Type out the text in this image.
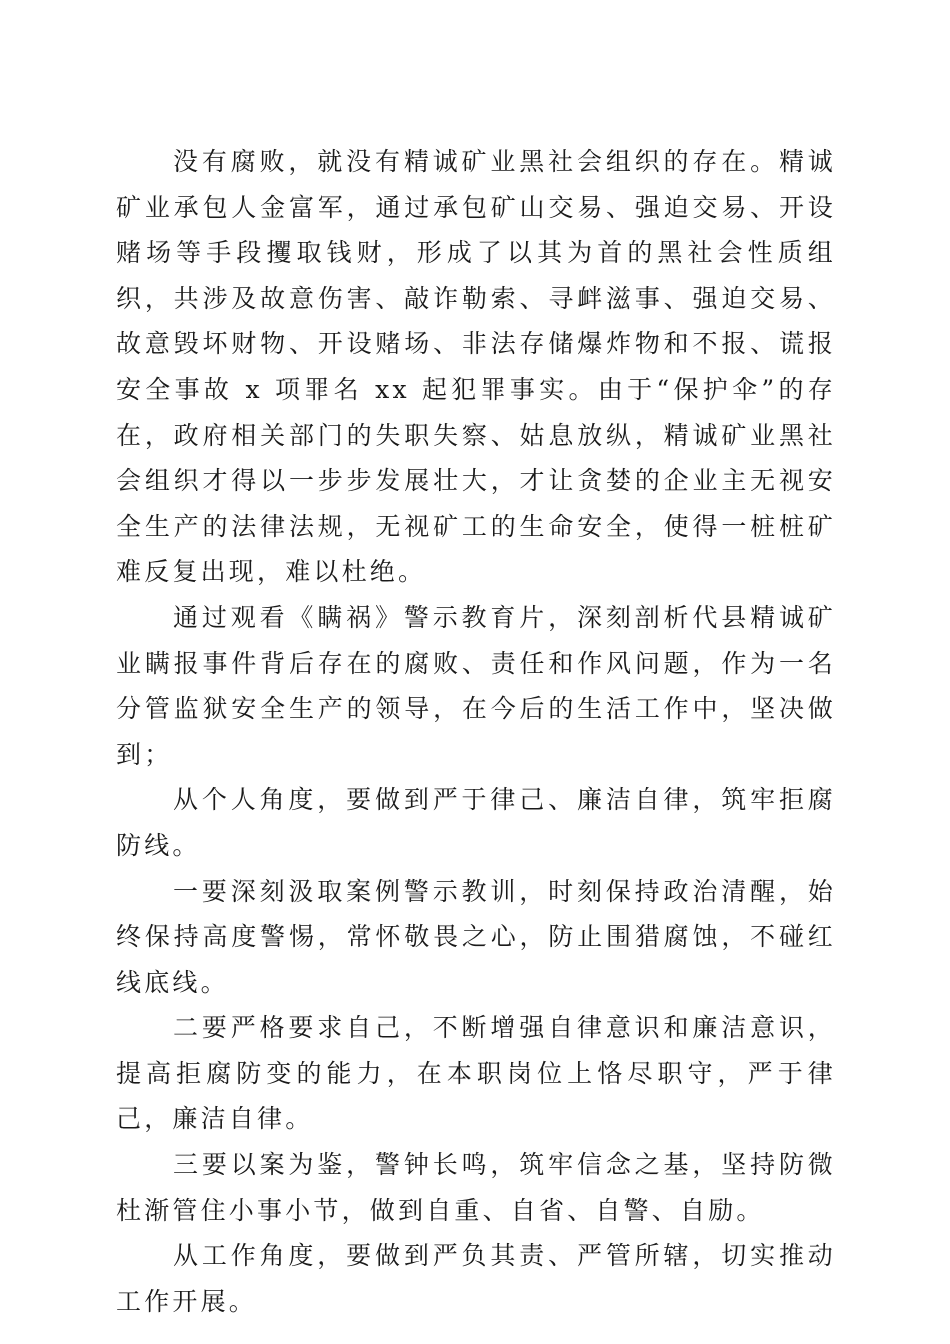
没有腐败，就没有精诚矿业黑社会组织的存在。精诚矿业承包人金富军，通过承包矿山交易、强迫交易、开设赌场等手段攫取钱财，形成了以其为首的黑社会性质组织，共涉及故意伤害、敲诈勒索、寻衅滋事、强迫交易、故意毁坏财物、开设赌场、非法存储爆炸物和不报、谎报安全事故 x 项罪名 xx 起犯罪事实。由于“保护伞”的存在，政府相关部门的失职失察、姑息放纵，精诚矿业黑社会组织才得以一步步发展壮大，才让贪婪的企业主无视安全生产的法律法规，无视矿工的生命安全，使得一桩桩矿难反复出现，难以杜绝。

通过观看《瞒祸》警示教育片，深刻剖析代县精诚矿业瞒报事件背后存在的腐败、责任和作风问题，作为一名分管监狱安全生产的领导，在今后的生活工作中，坚决做到；

从个人角度，要做到严于律己、廉洁自律，筑牢拒腐防线。

一要深刻汲取案例警示教训，时刻保持政治清醒，始终保持高度警惕，常怀敬畏之心，防止围猎腐蚀，不碰红线底线。

二要严格要求自己，不断增强自律意识和廉洁意识，提高拒腐防变的能力，在本职岗位上恪尽职守，严于律己，廉洁自律。

三要以案为鉴，警钟长鸣，筑牢信念之基，坚持防微杜渐管住小事小节，做到自重、自省、自警、自励。

从工作角度，要做到严负其责、严管所辖，切实推动工作开展。
